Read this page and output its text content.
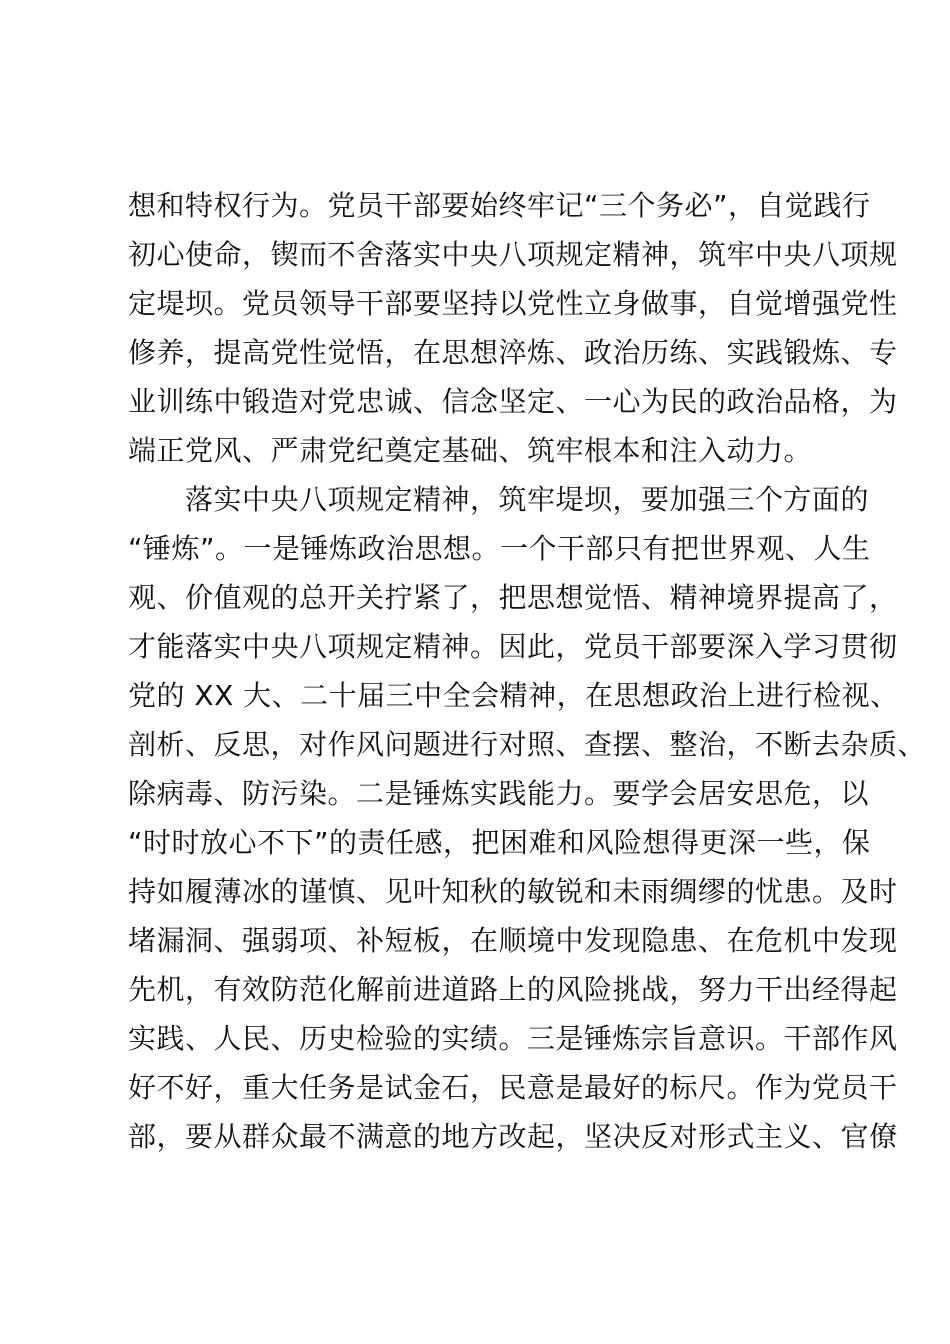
想和特权行为。党员干部要始终牢记“三个务必”，自觉践行
初心使命，锲而不舍落实中央八项规定精神，筑牢中央八项规
定堤坝。党员领导干部要坚持以党性立身做事，自觉增强党性
修养，提高党性觉悟，在思想淬炼、政治历练、实践锻炼、专
业训练中锻造对党忠诚、信念坚定、一心为民的政治品格，为
端正党风、严肃党纪奠定基础、筑牢根本和注入动力。
　　落实中央八项规定精神，筑牢堤坝，要加强三个方面的
“锤炼”。一是锤炼政治思想。一个干部只有把世界观、人生
观、价值观的总开关拧紧了，把思想觉悟、精神境界提高了，
才能落实中央八项规定精神。因此，党员干部要深入学习贯彻
党的 XX 大、二十届三中全会精神，在思想政治上进行检视、
剖析、反思，对作风问题进行对照、查摆、整治，不断去杂质、
除病毒、防污染。二是锤炼实践能力。要学会居安思危，以
“时时放心不下”的责任感，把困难和风险想得更深一些，保
持如履薄冰的谨慎、见叶知秋的敏锐和未雨绸缪的忧患。及时
堵漏洞、强弱项、补短板，在顺境中发现隐患、在危机中发现
先机，有效防范化解前进道路上的风险挑战，努力干出经得起
实践、人民、历史检验的实绩。三是锤炼宗旨意识。干部作风
好不好，重大任务是试金石，民意是最好的标尺。作为党员干
部，要从群众最不满意的地方改起，坚决反对形式主义、官僚
